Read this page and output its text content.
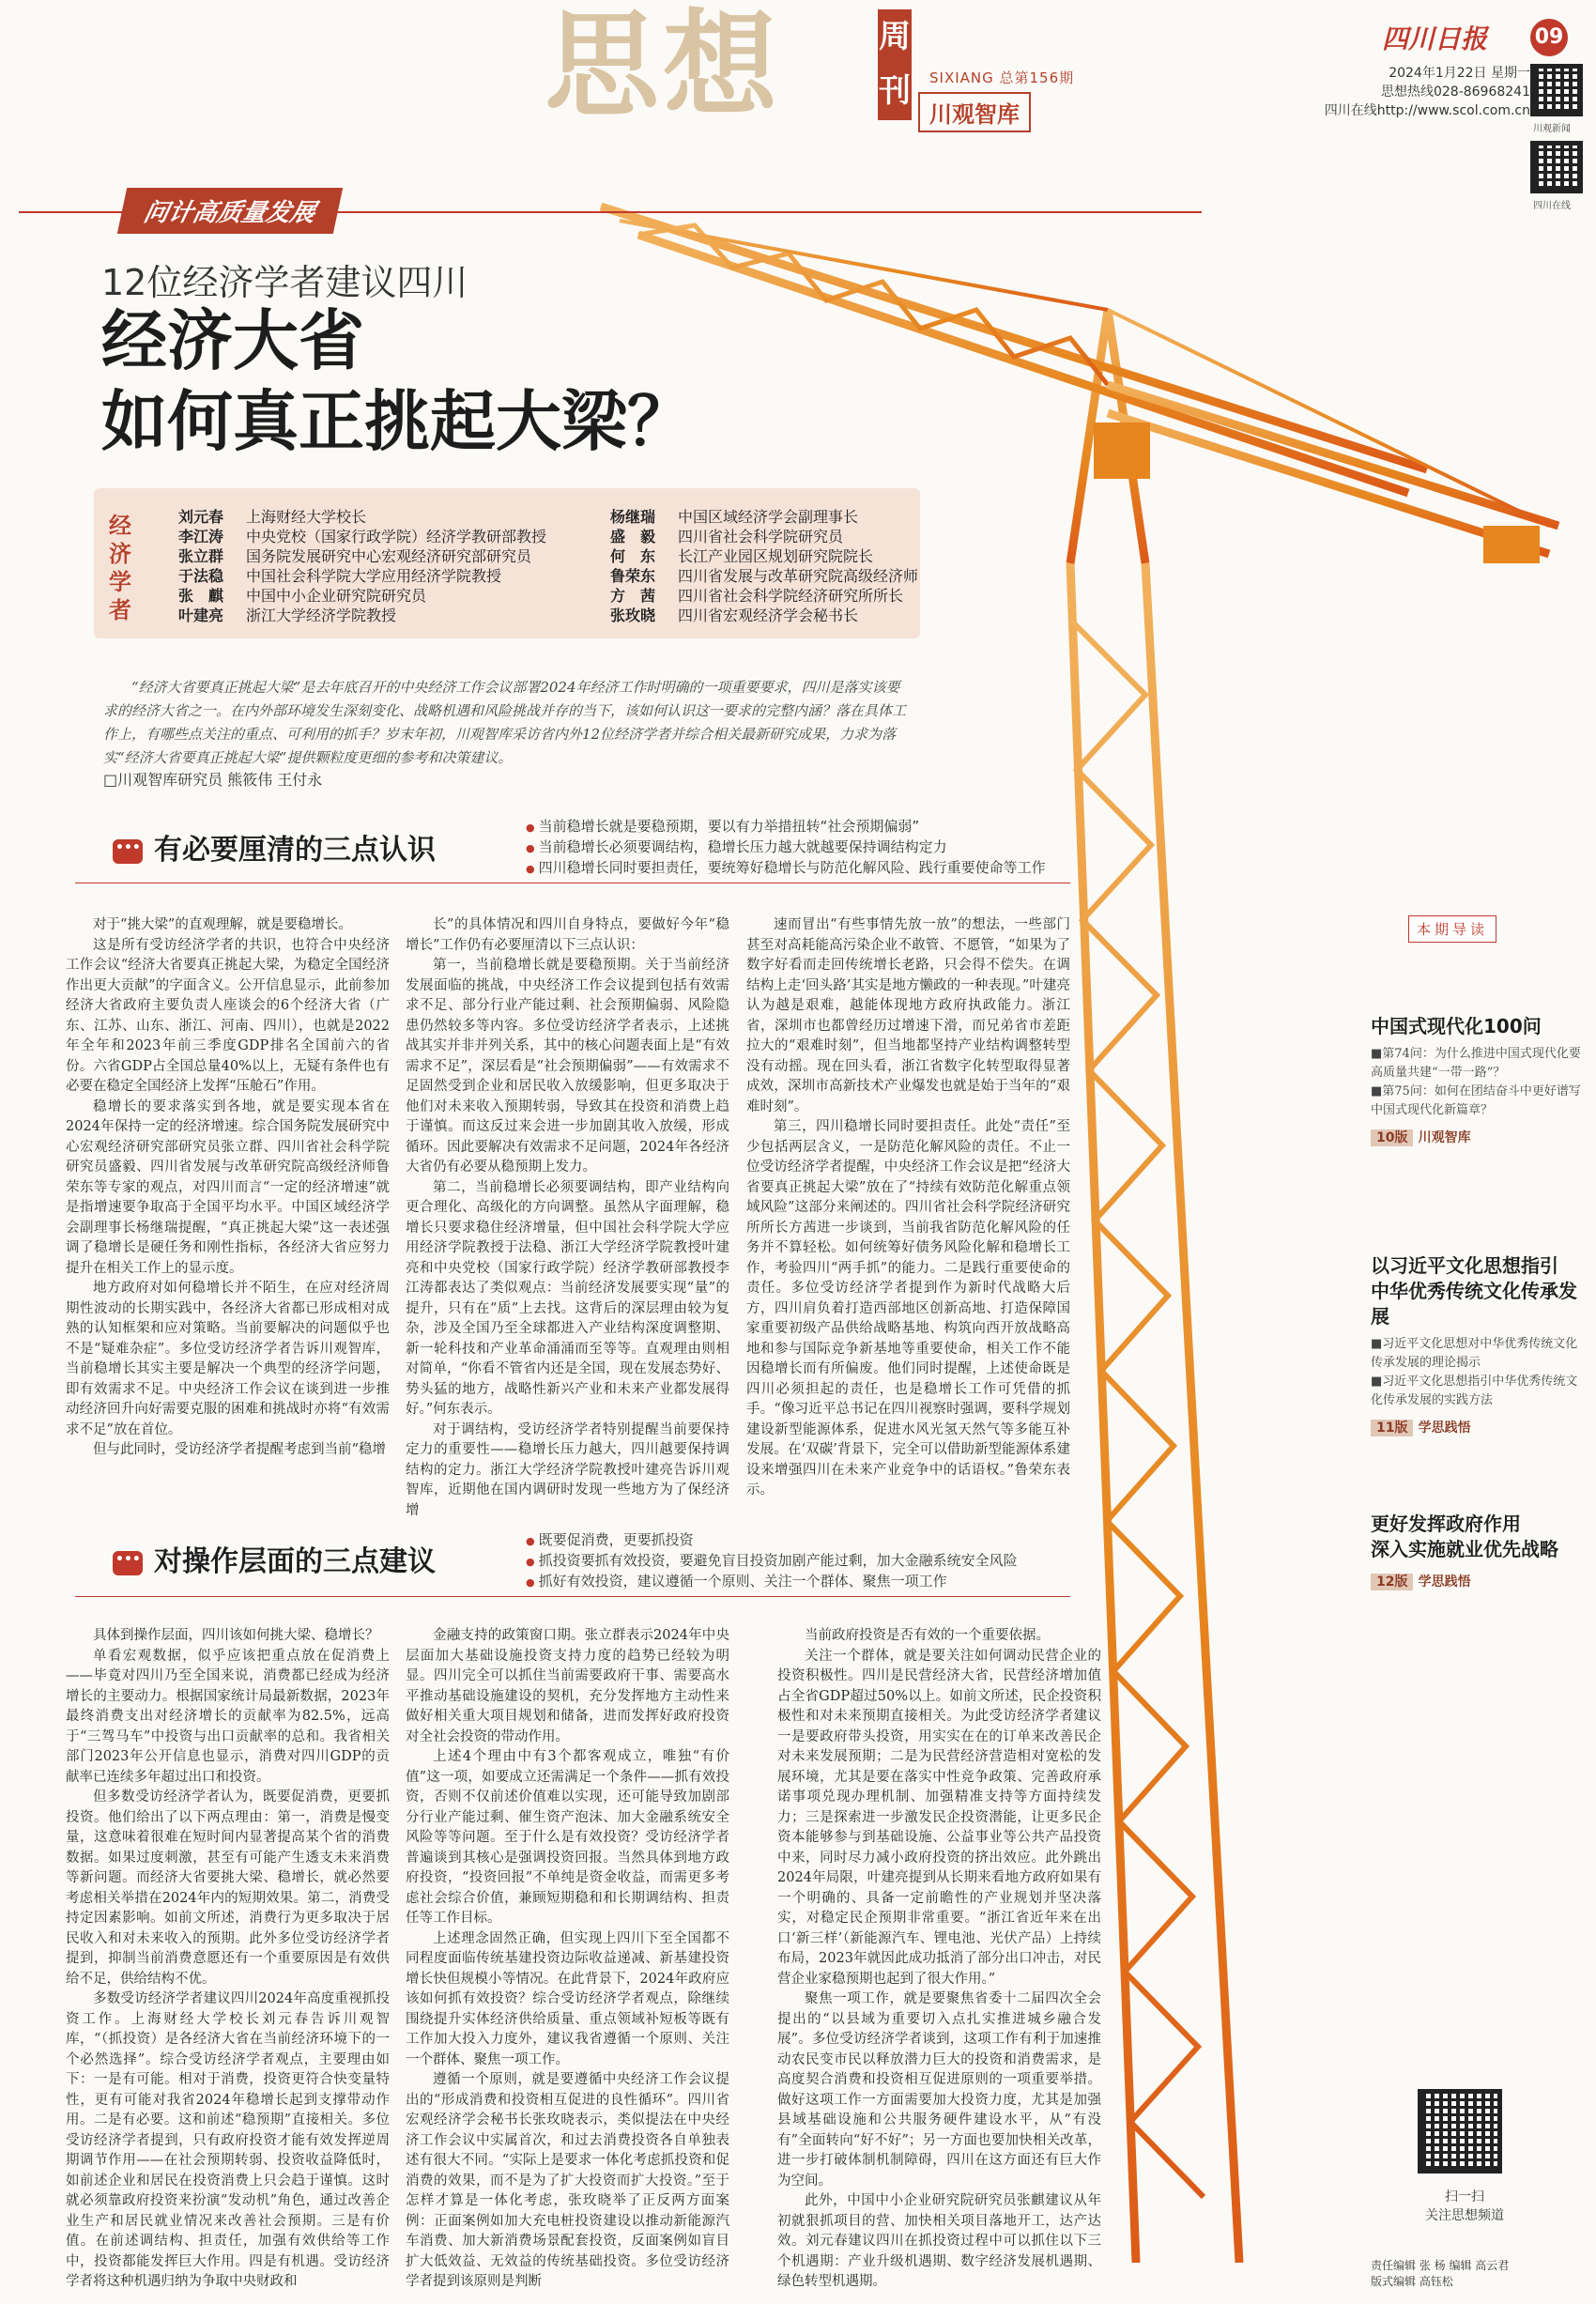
思想	周
刊 SIXIANG 总第156期
川观智库
四川日报 09
2024年1月22日 星期一
思想热线028-86968241
四川在线http://www.scol.com.cn
川观新闻
四川在线
问计高质量发展
12位经济学者建议四川
经济大省
如何真正挑起大梁？
经济学者
刘元春 上海财经大学校长
李江涛 中央党校（国家行政学院）经济学教研部教授
张立群 国务院发展研究中心宏观经济研究部研究员
于法稳 中国社会科学院大学应用经济学院教授
张　麒 中国中小企业研究院研究员
叶建亮 浙江大学经济学院教授
杨继瑞 中国区域经济学会副理事长
盛　毅 四川省社会科学院研究员
何　东 长江产业园区规划研究院院长
鲁荣东 四川省发展与改革研究院高级经济师
方　茜 四川省社会科学院经济研究所所长
张玫晓 四川省宏观经济学会秘书长
“经济大省要真正挑起大梁”是去年底召开的中央经济工作会议部署2024年经济工作时明确的一项重要要求，四川是落实该要求的经济大省之一。在内外部环境发生深刻变化、战略机遇和风险挑战并存的当下，该如何认识这一要求的完整内涵？落在具体工作上，有哪些点关注的重点、可利用的抓手？岁末年初，川观智库采访省内外12位经济学者并综合相关最新研究成果，力求为落实“经济大省要真正挑起大梁”提供颗粒度更细的参考和决策建议。
□川观智库研究员 熊筱伟 王付永
•••有必要厘清的三点认识
● 当前稳增长就是要稳预期，要以有力举措扭转“社会预期偏弱”
● 当前稳增长必须要调结构，稳增长压力越大就越要保持调结构定力
● 四川稳增长同时要担责任，要统筹好稳增长与防范化解风险、践行重要使命等工作

对于“挑大梁”的直观理解，就是要稳增长。

这是所有受访经济学者的共识，也符合中央经济工作会议“经济大省要真正挑起大梁，为稳定全国经济作出更大贡献”的字面含义。公开信息显示，此前参加经济大省政府主要负责人座谈会的6个经济大省（广东、江苏、山东、浙江、河南、四川），也就是2022年全年和2023年前三季度GDP排名全国前六的省份。六省GDP占全国总量40%以上，无疑有条件也有必要在稳定全国经济上发挥“压舱石”作用。

稳增长的要求落实到各地，就是要实现本省在2024年保持一定的经济增速。综合国务院发展研究中心宏观经济研究部研究员张立群、四川省社会科学院研究员盛毅、四川省发展与改革研究院高级经济师鲁荣东等专家的观点，对四川而言“一定的经济增速”就是指增速要争取高于全国平均水平。中国区域经济学会副理事长杨继瑞提醒，“真正挑起大梁”这一表述强调了稳增长是硬任务和刚性指标，各经济大省应努力提升在相关工作上的显示度。

地方政府对如何稳增长并不陌生，在应对经济周期性波动的长期实践中，各经济大省都已形成相对成熟的认知框架和应对策略。当前要解决的问题似乎也不是“疑难杂症”。多位受访经济学者告诉川观智库，当前稳增长其实主要是解决一个典型的经济学问题，即有效需求不足。中央经济工作会议在谈到进一步推动经济回升向好需要克服的困难和挑战时亦将“有效需求不足”放在首位。

但与此同时，受访经济学者提醒考虑到当前“稳增

长”的具体情况和四川自身特点，要做好今年“稳增长”工作仍有必要厘清以下三点认识：

第一，当前稳增长就是要稳预期。关于当前经济发展面临的挑战，中央经济工作会议提到包括有效需求不足、部分行业产能过剩、社会预期偏弱、风险隐患仍然较多等内容。多位受访经济学者表示，上述挑战其实并非并列关系，其中的核心问题表面上是“有效需求不足”，深层看是“社会预期偏弱”——有效需求不足固然受到企业和居民收入放缓影响，但更多取决于他们对未来收入预期转弱，导致其在投资和消费上趋于谨慎。而这反过来会进一步加剧其收入放缓，形成循环。因此要解决有效需求不足问题，2024年各经济大省仍有必要从稳预期上发力。

第二，当前稳增长必须要调结构，即产业结构向更合理化、高级化的方向调整。虽然从字面理解，稳增长只要求稳住经济增量，但中国社会科学院大学应用经济学院教授于法稳、浙江大学经济学院教授叶建亮和中央党校（国家行政学院）经济学教研部教授李江涛都表达了类似观点：当前经济发展要实现“量”的提升，只有在“质”上去找。这背后的深层理由较为复杂，涉及全国乃至全球都进入产业结构深度调整期、新一轮科技和产业革命涌涌而至等等。直观理由则相对简单，“你看不管省内还是全国，现在发展态势好、势头猛的地方，战略性新兴产业和未来产业都发展得好。”何东表示。

对于调结构，受访经济学者特别提醒当前要保持定力的重要性——稳增长压力越大，四川越要保持调结构的定力。浙江大学经济学院教授叶建亮告诉川观智库，近期他在国内调研时发现一些地方为了保经济增

速而冒出“有些事情先放一放”的想法，一些部门甚至对高耗能高污染企业不敢管、不愿管，“如果为了数字好看而走回传统增长老路，只会得不偿失。在调结构上走‘回头路’其实是地方懒政的一种表现。”叶建亮认为越是艰难，越能体现地方政府执政能力。浙江省，深圳市也都曾经历过增速下滑，而兄弟省市差距拉大的“艰难时刻”，但当地都坚持产业结构调整转型没有动摇。现在回头看，浙江省数字化转型取得显著成效，深圳市高新技术产业爆发也就是始于当年的“艰难时刻”。

第三，四川稳增长同时要担责任。此处“责任”至少包括两层含义，一是防范化解风险的责任。不止一位受访经济学者提醒，中央经济工作会议是把“经济大省要真正挑起大梁”放在了“持续有效防范化解重点领域风险”这部分来阐述的。四川省社会科学院经济研究所所长方茜进一步谈到，当前我省防范化解风险的任务并不算轻松。如何统筹好债务风险化解和稳增长工作，考验四川“两手抓”的能力。二是践行重要使命的责任。多位受访经济学者提到作为新时代战略大后方，四川肩负着打造西部地区创新高地、打造保障国家重要初级产品供给战略基地、构筑向西开放战略高地和参与国际竞争新基地等重要使命，相关工作不能因稳增长而有所偏废。他们同时提醒，上述使命既是四川必须担起的责任，也是稳增长工作可凭借的抓手。“像习近平总书记在四川视察时强调，要科学规划建设新型能源体系，促进水风光氢天然气等多能互补发展。在‘双碳’背景下，完全可以借助新型能源体系建设来增强四川在未来产业竞争中的话语权。”鲁荣东表示。

•••对操作层面的三点建议
● 既要促消费，更要抓投资
● 抓投资要抓有效投资，要避免盲目投资加剧产能过剩，加大金融系统安全风险
● 抓好有效投资，建议遵循一个原则、关注一个群体、聚焦一项工作

具体到操作层面，四川该如何挑大梁、稳增长？

单看宏观数据，似乎应该把重点放在促消费上——毕竟对四川乃至全国来说，消费都已经成为经济增长的主要动力。根据国家统计局最新数据，2023年最终消费支出对经济增长的贡献率为82.5%，远高于“三驾马车”中投资与出口贡献率的总和。我省相关部门2023年公开信息也显示，消费对四川GDP的贡献率已连续多年超过出口和投资。

但多数受访经济学者认为，既要促消费，更要抓投资。他们给出了以下两点理由：第一，消费是慢变量，这意味着很难在短时间内显著提高某个省的消费数据。如果过度刺激，甚至有可能产生透支未来消费等新问题。而经济大省要挑大梁、稳增长，就必然要考虑相关举措在2024年内的短期效果。第二，消费受持定因素影响。如前文所述，消费行为更多取决于居民收入和对未来收入的预期。此外多位受访经济学者提到，抑制当前消费意愿还有一个重要原因是有效供给不足，供给结构不优。

多数受访经济学者建议四川2024年高度重视抓投资工作。上海财经大学校长刘元春告诉川观智库，“（抓投资）是各经济大省在当前经济环境下的一个必然选择”。综合受访经济学者观点，主要理由如下：一是有可能。相对于消费，投资更符合快变量特性，更有可能对我省2024年稳增长起到支撑带动作用。二是有必要。这和前述“稳预期”直接相关。多位受访经济学者提到，只有政府投资才能有效发挥逆周期调节作用——在社会预期转弱、投资收益降低时，如前述企业和居民在投资消费上只会趋于谨慎。这时就必须靠政府投资来扮演“发动机”角色，通过改善企业生产和居民就业情况来改善社会预期。三是有价值。在前述调结构、担责任，加强有效供给等工作中，投资都能发挥巨大作用。四是有机遇。受访经济学者将这种机遇归纳为争取中央财政和

金融支持的政策窗口期。张立群表示2024年中央层面加大基础设施投资支持力度的趋势已经较为明显。四川完全可以抓住当前需要政府干事、需要高水平推动基础设施建设的契机，充分发挥地方主动性来做好相关重大项目规划和储备，进而发挥好政府投资对全社会投资的带动作用。

上述4个理由中有3个都客观成立，唯独“有价值”这一项，如要成立还需满足一个条件——抓有效投资，否则不仅前述价值难以实现，还可能导致加剧部分行业产能过剩、催生资产泡沫、加大金融系统安全风险等等问题。至于什么是有效投资？受访经济学者普遍谈到其核心是强调投资回报。当然具体到地方政府投资，“投资回报”不单纯是资金收益，而需更多考虑社会综合价值，兼顾短期稳和和长期调结构、担责任等工作目标。

上述理念固然正确，但实现上四川下至全国都不同程度面临传统基建投资边际收益递减、新基建投资增长快但规模小等情况。在此背景下，2024年政府应该如何抓有效投资？综合受访经济学者观点，除继续围绕提升实体经济供给质量、重点领域补短板等既有工作加大投入力度外，建议我省遵循一个原则、关注一个群体、聚焦一项工作。

遵循一个原则，就是要遵循中央经济工作会议提出的“形成消费和投资相互促进的良性循环”。四川省宏观经济学会秘书长张玫晓表示，类似提法在中央经济工作会议中实属首次，和过去消费投资各自单独表述有很大不同。“实际上是要求一体化考虑抓投资和促消费的效果，而不是为了扩大投资而扩大投资。”至于怎样才算是一体化考虑，张玫晓举了正反两方面案例：正面案例如加大充电桩投资建设以推动新能源汽车消费、加大新消费场景配套投资，反面案例如盲目扩大低效益、无效益的传统基础投资。多位受访经济学者提到该原则是判断

当前政府投资是否有效的一个重要依据。

关注一个群体，就是要关注如何调动民营企业的投资积极性。四川是民营经济大省，民营经济增加值占全省GDP超过50%以上。如前文所述，民企投资积极性和对未来预期直接相关。为此受访经济学者建议一是要政府带头投资，用实实在在的订单来改善民企对未来发展预期；二是为民营经济营造相对宽松的发展环境，尤其是要在落实中性竞争政策、完善政府承诺事项兑现办理机制、加强精准支持等方面持续发力；三是探索进一步激发民企投资潜能，让更多民企资本能够参与到基础设施、公益事业等公共产品投资中来，同时尽力减小政府投资的挤出效应。此外跳出2024年局限，叶建亮提到从长期来看地方政府如果有一个明确的、具备一定前瞻性的产业规划并坚决落实，对稳定民企预期非常重要。“浙江省近年来在出口‘新三样’（新能源汽车、锂电池、光伏产品）上持续布局，2023年就因此成功抵消了部分出口冲击，对民营企业家稳预期也起到了很大作用。”

聚焦一项工作，就是要聚焦省委十二届四次全会提出的“以县域为重要切入点扎实推进城乡融合发展”。多位受访经济学者谈到，这项工作有利于加速推动农民变市民以释放潜力巨大的投资和消费需求，是高度契合消费和投资相互促进原则的一项重要举措。做好这项工作一方面需要加大投资力度，尤其是加强县域基础设施和公共服务硬件建设水平，从“有没有”全面转向“好不好”；另一方面也要加快相关改革，进一步打破体制机制障碍，四川在这方面还有巨大作为空间。

此外，中国中小企业研究院研究员张麒建议从年初就狠抓项目的营、加快相关项目落地开工，达产达效。刘元春建议四川在抓投资过程中可以抓住以下三个机遇期：产业升级机遇期、数字经济发展机遇期、绿色转型机遇期。

本期导读
中国式现代化100问
■第74问：为什么推进中国式现代化要高质量共建“一带一路”？
■第75问：如何在团结奋斗中更好谱写中国式现代化新篇章？
10版 川观智库
以习近平文化思想指引
中华优秀传统文化传承发展
■习近平文化思想对中华优秀传统文化传承发展的理论揭示
■习近平文化思想指引中华优秀传统文化传承发展的实践方法
11版 学思践悟
更好发挥政府作用
深入实施就业优先战略
12版 学思践悟
扫一扫
关注思想频道
责任编辑 张 杨 编辑 高云君
版式编辑 高钰松
